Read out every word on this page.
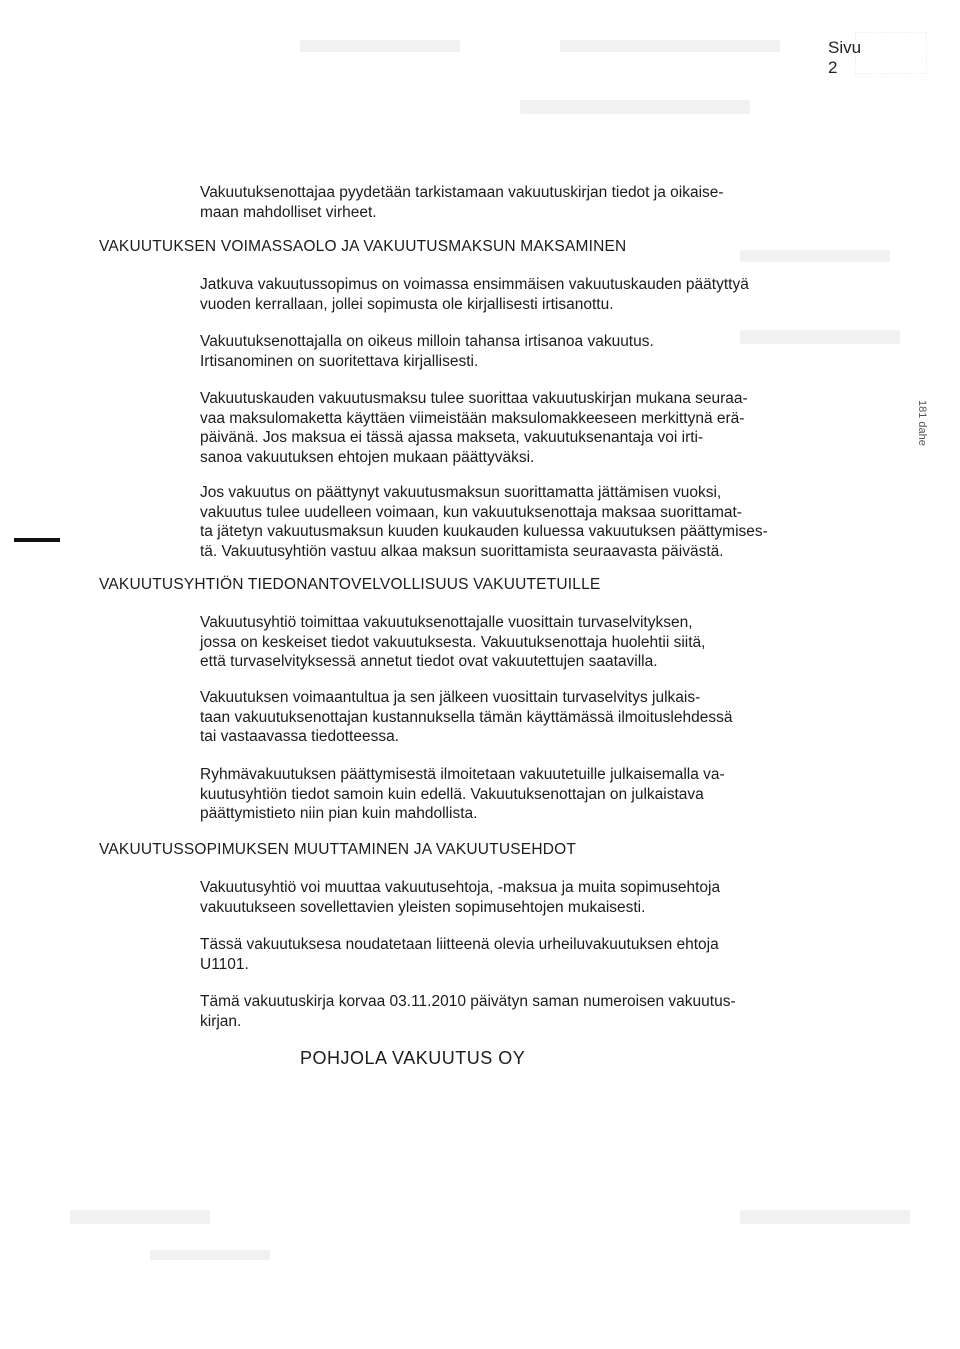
Sivu
2
181 dahe

Vakuutuksenottajaa pyydetään tarkistamaan vakuutuskirjan tiedot ja oikaise-
maan mahdolliset virheet.

VAKUUTUKSEN VOIMASSAOLO JA VAKUUTUSMAKSUN MAKSAMINEN

Jatkuva vakuutussopimus on voimassa ensimmäisen vakuutuskauden päätyttyä
vuoden kerrallaan, jollei sopimusta ole kirjallisesti irtisanottu.

Vakuutuksenottajalla on oikeus milloin tahansa irtisanoa vakuutus.
Irtisanominen on suoritettava kirjallisesti.

Vakuutuskauden vakuutusmaksu tulee suorittaa vakuutuskirjan mukana seuraa-
vaa maksulomaketta käyttäen viimeistään maksulomakkeeseen merkittynä erä-
päivänä. Jos maksua ei tässä ajassa makseta, vakuutuksenantaja voi irti-
sanoa vakuutuksen ehtojen mukaan päättyväksi.

Jos vakuutus on päättynyt vakuutusmaksun suorittamatta jättämisen vuoksi,
vakuutus tulee uudelleen voimaan, kun vakuutuksenottaja maksaa suorittamat-
ta jätetyn vakuutusmaksun kuuden kuukauden kuluessa vakuutuksen päättymises-
tä. Vakuutusyhtiön vastuu alkaa maksun suorittamista seuraavasta päivästä.

VAKUUTUSYHTIÖN TIEDONANTOVELVOLLISUUS VAKUUTETUILLE

Vakuutusyhtiö toimittaa vakuutuksenottajalle vuosittain turvaselvityksen,
jossa on keskeiset tiedot vakuutuksesta. Vakuutuksenottaja huolehtii siitä,
että turvaselvityksessä annetut tiedot ovat vakuutettujen saatavilla.

Vakuutuksen voimaantultua ja sen jälkeen vuosittain turvaselvitys julkais-
taan vakuutuksenottajan kustannuksella tämän käyttämässä ilmoituslehdessä
tai vastaavassa tiedotteessa.

Ryhmävakuutuksen päättymisestä ilmoitetaan vakuutetuille julkaisemalla va-
kuutusyhtiön tiedot samoin kuin edellä. Vakuutuksenottajan on julkaistava
päättymistieto niin pian kuin mahdollista.

VAKUUTUSSOPIMUKSEN MUUTTAMINEN JA VAKUUTUSEHDOT

Vakuutusyhtiö voi muuttaa vakuutusehtoja, -maksua ja muita sopimusehtoja
vakuutukseen sovellettavien yleisten sopimusehtojen mukaisesti.

Tässä vakuutuksesa noudatetaan liitteenä olevia urheiluvakuutuksen ehtoja
U1101.

Tämä vakuutuskirja korvaa 03.11.2010 päivätyn saman numeroisen vakuutus-
kirjan.

POHJOLA VAKUUTUS OY
